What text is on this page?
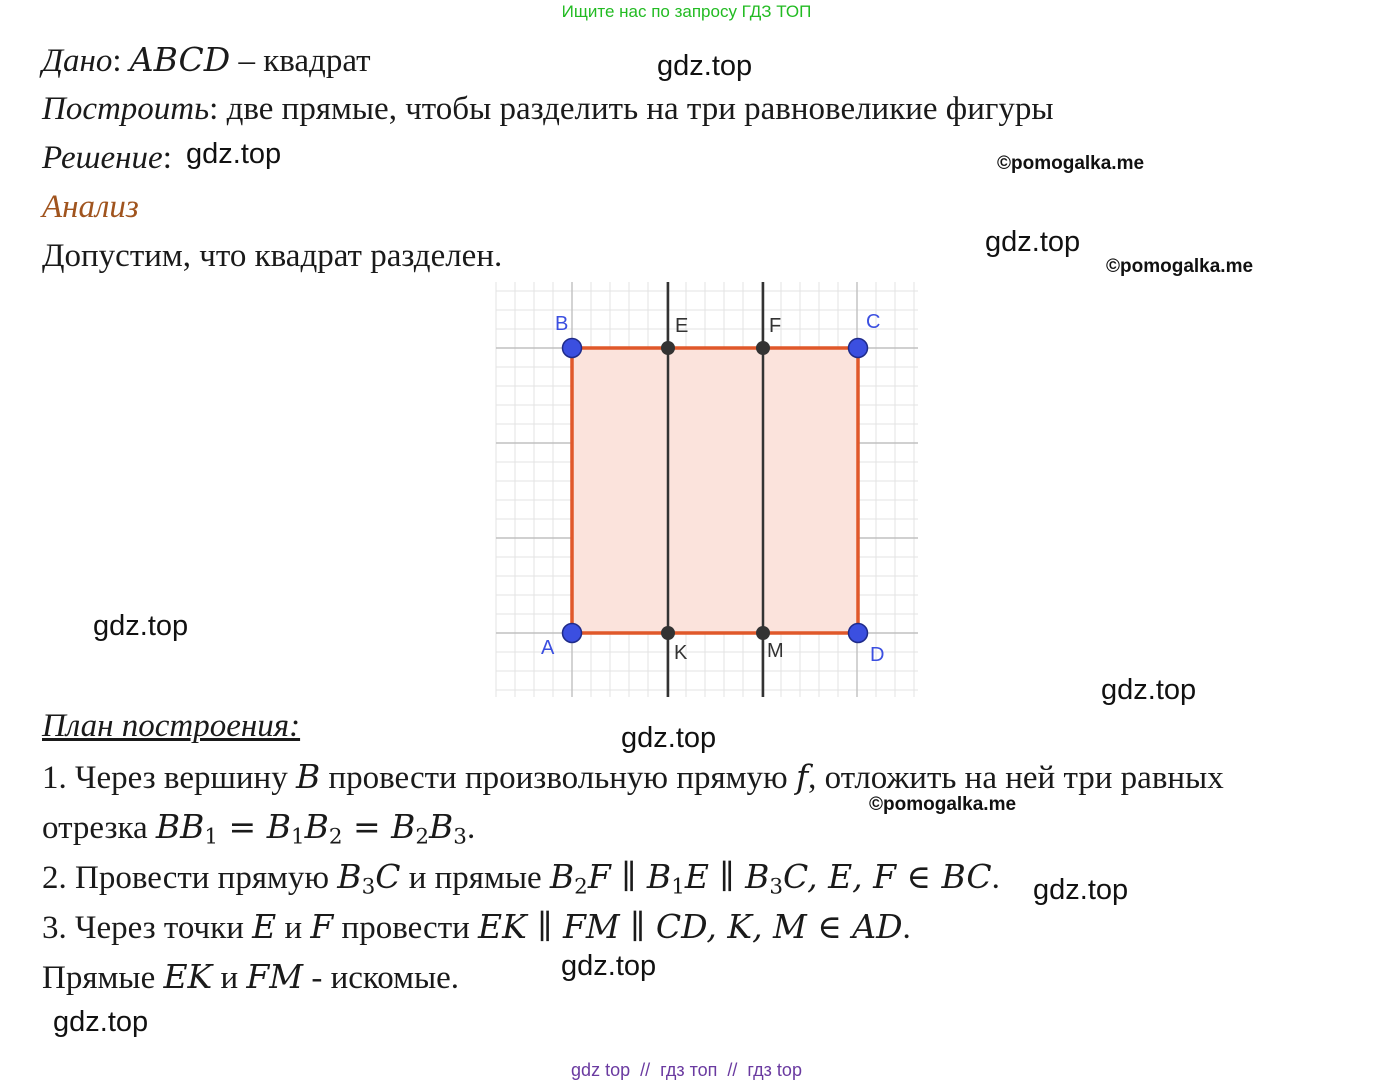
Ищите нас по запросу ГДЗ ТОП
Дано: ABCD – квадрат
Построить: две прямые, чтобы разделить на три равновеликие фигуры
Решение:
Анализ
Допустим, что квадрат разделен.
B	E	F	C
A	K	M	D
План построения:
1. Через вершину B провести произвольную прямую f, отложить на ней три равных
отрезка $BB_1 = B_1B_2 = B_2B_3$.
2. Провести прямую $B_3C$ и прямые $B_2F$ ∥ $B_1E$ ∥ $B_3C$, E, F ∈ BC.
3. Через точки E и F провести EK ∥ FM ∥ CD, K, M ∈ AD.
Прямые EK и FM - искомые.
gdz.top
gdz.top
gdz.top
gdz.top
gdz.top
gdz.top
gdz.top
gdz.top
gdz.top
©pomogalka.me
©pomogalka.me
©pomogalka.me
gdz top  //  гдз топ  //  гдз top
